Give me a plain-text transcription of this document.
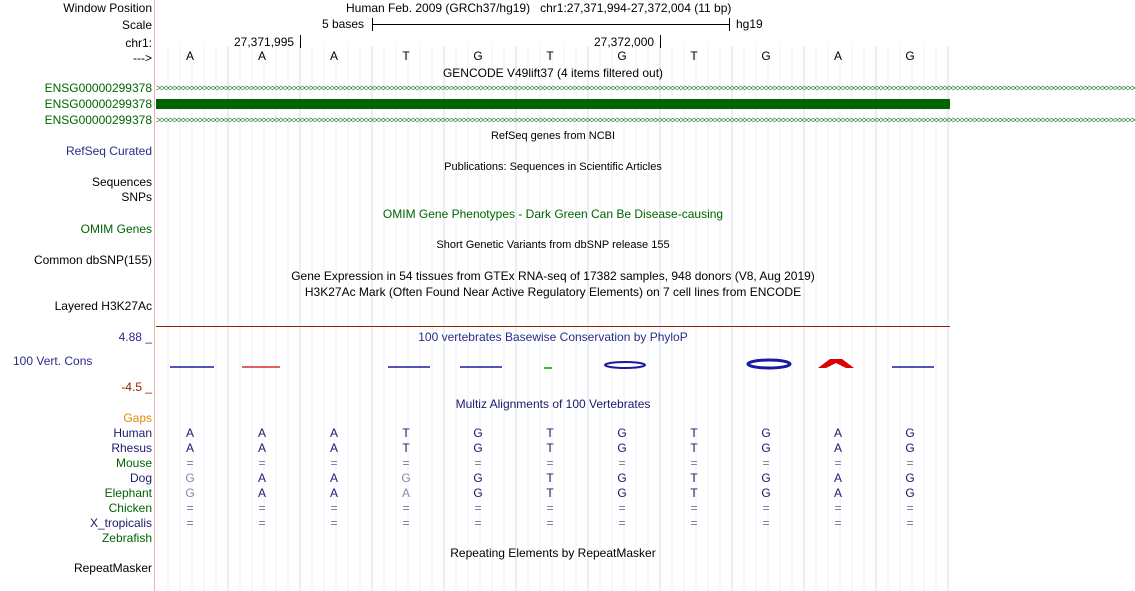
Window Position	Human Feb. 2009 (GRCh37/hg19)   chr1:27,371,994-27,372,004 (11 bp)
Scale	5 bases	hg19
chr1:	27,371,995	27,372,000
--->	A	A	A	T	G	T	G	T	G	A	G
GENCODE V49lift37 (4 items filtered out)
ENSG00000299378 >>>>>>>>>>>>>>>>>>>>>>>>>>>>>>>>>>>>>>>>>>>>>>>>>>>>>>>>>>>>>>>>>>>>>>>>>>>>>>>>>>>>>>>>>>>>>>>>>>>>>>>>>>>>>>>>>>>>>>>>>>>>>>>>>>>>>>>>>>>>>>>>>>>>>>>>>>>>>>>>>>>>>>>>>>>>>>>>>>>>>>>>>>>>>>>>>>>>>>>>>>>>>>>>>>>>>>>>>>>>>>>>>>>>>>
ENSG00000299378
ENSG00000299378 >>>>>>>>>>>>>>>>>>>>>>>>>>>>>>>>>>>>>>>>>>>>>>>>>>>>>>>>>>>>>>>>>>>>>>>>>>>>>>>>>>>>>>>>>>>>>>>>>>>>>>>>>>>>>>>>>>>>>>>>>>>>>>>>>>>>>>>>>>>>>>>>>>>>>>>>>>>>>>>>>>>>>>>>>>>>>>>>>>>>>>>>>>>>>>>>>>>>>>>>>>>>>>>>>>>>>>>>>>>>>>>>>>>>>>
RefSeq genes from NCBI
RefSeq Curated
Publications: Sequences in Scientific Articles
Sequences
SNPs
OMIM Gene Phenotypes - Dark Green Can Be Disease-causing
OMIM Genes
Short Genetic Variants from dbSNP release 155
Common dbSNP(155)
Gene Expression in 54 tissues from GTEx RNA-seq of 17382 samples, 948 donors (V8, Aug 2019)
H3K27Ac Mark (Often Found Near Active Regulatory Elements) on 7 cell lines from ENCODE
Layered H3K27Ac
100 vertebrates Basewise Conservation by PhyloP
4.88 _
100 Vert. Cons
-4.5 _
Gaps
Multiz Alignments of 100 Vertebrates
Human	A	A	A	T	G	T	G	T	G	A	G
Rhesus	A	A	A	T	G	T	G	T	G	A	G
Mouse	=	=	=	=	=	=	=	=	=	=	=
Dog	G	A	A	G	G	T	G	T	G	A	G
Elephant	G	A	A	A	G	T	G	T	G	A	G
Chicken	=	=	=	=	=	=	=	=	=	=	=
X_tropicalis	=	=	=	=	=	=	=	=	=	=	=
Zebrafish
Repeating Elements by RepeatMasker
RepeatMasker
